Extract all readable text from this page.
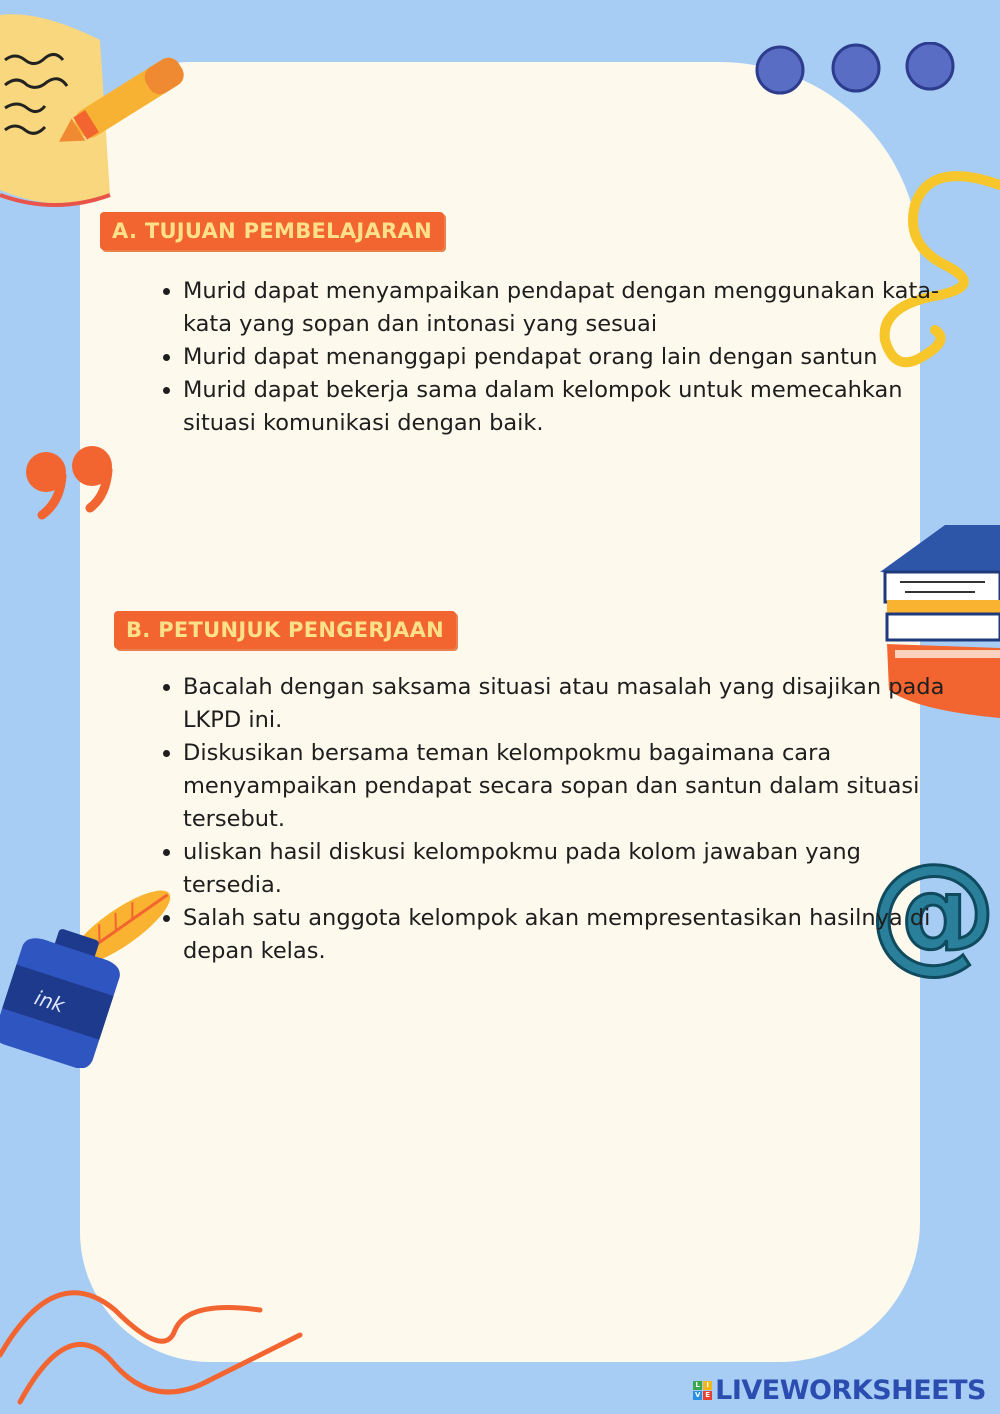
ink
@
A. TUJUAN PEMBELAJARAN
• Murid dapat menyampaikan pendapat dengan menggunakan kata-kata yang sopan dan intonasi yang sesuai
• Murid dapat menanggapi pendapat orang lain dengan santun
• Murid dapat bekerja sama dalam kelompok untuk memecahkan situasi komunikasi dengan baik.
B. PETUNJUK PENGERJAAN
• Bacalah dengan saksama situasi atau masalah yang disajikan pada LKPD ini.
• Diskusikan bersama teman kelompokmu bagaimana cara menyampaikan pendapat secara sopan dan santun dalam situasi tersebut.
• uliskan hasil diskusi kelompokmu pada kolom jawaban yang tersedia.
• Salah satu anggota kelompok akan mempresentasikan hasilnya di depan kelas.
L I
V E LIVEWORKSHEETS
